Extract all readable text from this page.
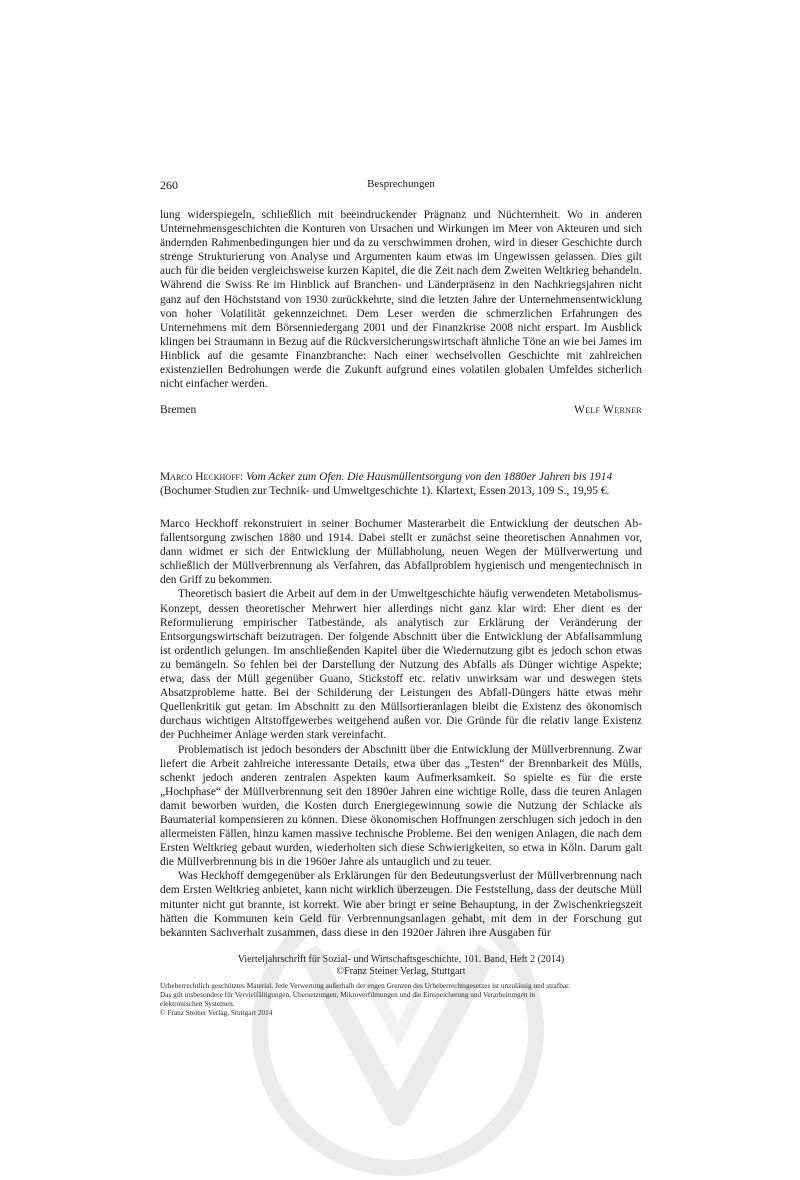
260	Besprechungen

lung widerspiegeln, schließlich mit beeindruckender Prägnanz und Nüchternheit. Wo in anderen Unternehmensgeschichten die Konturen von Ursachen und Wirkungen im Meer von Akteuren und sich ändernden Rahmenbedingungen hier und da zu verschwimmen drohen, wird in dieser Geschichte durch strenge Strukturierung von Analyse und Argumenten kaum etwas im Ungewissen gelassen. Dies gilt auch für die beiden vergleichsweise kurzen Kapitel, die die Zeit nach dem Zweiten Weltkrieg behandeln. Während die Swiss Re im Hinblick auf Branchen- und Länderpräsenz in den Nachkriegsjahren nicht ganz auf den Höchststand von 1930 zurückkehrte, sind die letzten Jahre der Unternehmensentwicklung von hoher Volatilität gekennzeichnet. Dem Leser werden die schmerzlichen Erfahrungen des Unternehmens mit dem Börsenniedergang 2001 und der Finanzkrise 2008 nicht erspart. Im Ausblick klingen bei Straumann in Bezug auf die Rückversicherungswirtschaft ähnliche Töne an wie bei James im Hinblick auf die gesamte Finanzbranche: Nach einer wechselvollen Geschichte mit zahlreichen existenziellen Bedrohungen werde die Zukunft aufgrund eines volatilen globalen Umfeldes sicherlich nicht einfacher werden.

Bremen	Welf Werner
Marco Heckhoff: Vom Acker zum Ofen. Die Hausmüllentsorgung von den 1880er Jahren bis 1914 (Bochumer Studien zur Technik- und Umweltgeschichte 1). Klartext, Essen 2013, 109 S., 19,95 €.

Marco Heckhoff rekonstruiert in seiner Bochumer Masterarbeit die Entwicklung der deutschen Abfallentsorgung zwischen 1880 und 1914. Dabei stellt er zunächst seine theoretischen Annahmen vor, dann widmet er sich der Entwicklung der Müllabholung, neuen Wegen der Müllverwertung und schließlich der Müllverbrennung als Verfahren, das Abfallproblem hygienisch und mengentechnisch in den Griff zu bekommen.

Theoretisch basiert die Arbeit auf dem in der Umweltgeschichte häufig verwendeten Metabolismus-Konzept, dessen theoretischer Mehrwert hier allerdings nicht ganz klar wird: Eher dient es der Reformulierung empirischer Tatbestände, als analytisch zur Erklärung der Veränderung der Entsorgungswirtschaft beizutragen. Der folgende Abschnitt über die Entwicklung der Abfallsammlung ist ordentlich gelungen. Im anschließenden Kapitel über die Wiedernutzung gibt es jedoch schon etwas zu bemängeln. So fehlen bei der Darstellung der Nutzung des Abfalls als Dünger wichtige Aspekte; etwa, dass der Müll gegenüber Guano, Stickstoff etc. relativ unwirksam war und deswegen stets Absatzprobleme hatte. Bei der Schilderung der Leistungen des Abfall-Düngers hätte etwas mehr Quellenkritik gut getan. Im Abschnitt zu den Müllsortieranlagen bleibt die Existenz des ökonomisch durchaus wichtigen Altstoffgewerbes weitgehend außen vor. Die Gründe für die relativ lange Existenz der Puchheimer Anlage werden stark vereinfacht.

Problematisch ist jedoch besonders der Abschnitt über die Entwicklung der Müllverbrennung. Zwar liefert die Arbeit zahlreiche interessante Details, etwa über das „Testen“ der Brennbarkeit des Mülls, schenkt jedoch anderen zentralen Aspekten kaum Aufmerksamkeit. So spielte es für die erste „Hochphase“ der Müllverbrennung seit den 1890er Jahren eine wichtige Rolle, dass die teuren Anlagen damit beworben wurden, die Kosten durch Energiegewinnung sowie die Nutzung der Schlacke als Baumaterial kompensieren zu können. Diese ökonomischen Hoffnungen zerschlugen sich jedoch in den allermeisten Fällen, hinzu kamen massive technische Probleme. Bei den wenigen Anlagen, die nach dem Ersten Weltkrieg gebaut wurden, wiederholten sich diese Schwierigkeiten, so etwa in Köln. Darum galt die Müllverbrennung bis in die 1960er Jahre als untauglich und zu teuer.

Was Heckhoff demgegenüber als Erklärungen für den Bedeutungsverlust der Müllverbrennung nach dem Ersten Weltkrieg anbietet, kann nicht wirklich überzeugen. Die Feststellung, dass der deutsche Müll mitunter nicht gut brannte, ist korrekt. Wie aber bringt er seine Behauptung, in der Zwischenkriegszeit hätten die Kommunen kein Geld für Verbrennungsanlagen gehabt, mit dem in der Forschung gut bekannten Sachverhalt zusammen, dass diese in den 1920er Jahren ihre Ausgaben für

Vierteljahrschrift für Sozial- und Wirtschaftsgeschichte, 101. Band, Heft 2 (2014)
©Franz Steiner Verlag, Stuttgart
Urheberrechtlich geschütztes Material. Jede Verwertung außerhalb der engen Grenzen des Urheberrechtsgesetzes ist unzulässig und strafbar.
Das gilt insbesondere für Vervielfältigungen, Übersetzungen, Mikroverfilmungen und die Einspeicherung und Verarbeitungen in
elektronischen Systemen.
© Franz Steiner Verlag, Stuttgart 2014
